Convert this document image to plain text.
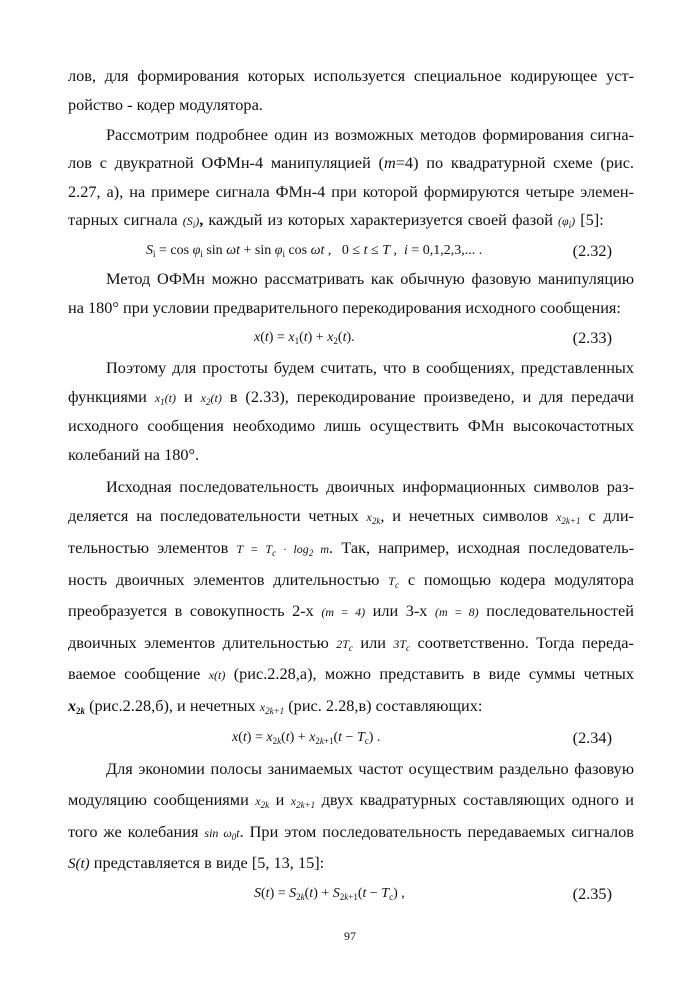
лов, для формирования которых используется специальное кодирующее уст-
ройство - кодер модулятора.
Рассмотрим подробнее один из возможных методов формирования сигна-
лов с двукратной ОФМн-4 манипуляцией (m=4) по квадратурной схеме (рис.
2.27, а), на примере сигнала ФМн-4 при которой формируются четыре элемен-
тарных сигнала $(S_i)$, каждый из которых характеризуется своей фазой $(\varphi_i)$ [5]:
$S_i = \cos \varphi_i$ $\sin \omega t + \sin \varphi_i$ cos ωt ,   0 ≤ t ≤ T ,  i = 0,1,2,3,... .	(2.32)
Метод ОФМн можно рассматривать как обычную фазовую манипуляцию
на 180° при условии предварительного перекодирования исходного сообщения:
$x(t) = x_1(t) + x_2(t)$.	(2.33)
Поэтому для простоты будем считать, что в сообщениях, представленных
функциями $x_1(t)$ и $x_2(t)$ в (2.33), перекодирование произведено, и для передачи
исходного сообщения необходимо лишь осуществить ФМн высокочастотных
колебаний на 180°.
Исходная последовательность двоичных информационных символов раз-
деляется на последовательности четных $x_{2k}$, и нечетных символов $x_{2k+1}$ с дли-
тельностью элементов $T = T_c \cdot \log_2 m$. Так, например, исходная последователь-
ность двоичных элементов длительностью $T_c$ с помощью кодера модулятора
преобразуется в совокупность 2-х (m = 4) или 3-х (m = 8) последовательностей
двоичных элементов длительностью $2T_c$ или $3T_c$ соответственно. Тогда переда-
ваемое сообщение x(t) (рис.2.28,а), можно представить в виде суммы четных
$x_{2k}$ (рис.2.28,б), и нечетных $x_{2k+1}$ (рис. 2.28,в) составляющих:
$x(t) = x_{2k}(t) + x_{2k+1}(t - T_c)$ .	(2.34)
Для экономии полосы занимаемых частот осуществим раздельно фазовую
модуляцию сообщениями $x_{2k}$ и $x_{2k+1}$ двух квадратурных составляющих одного и
того же колебания $\sin \omega_0t$. При этом последовательность передаваемых сигналов
S(t) представляется в виде [5, 13, 15]:
$S(t) = S_{2k}(t) + S_{2k+1}(t - T_c)$ ,	(2.35)
97
